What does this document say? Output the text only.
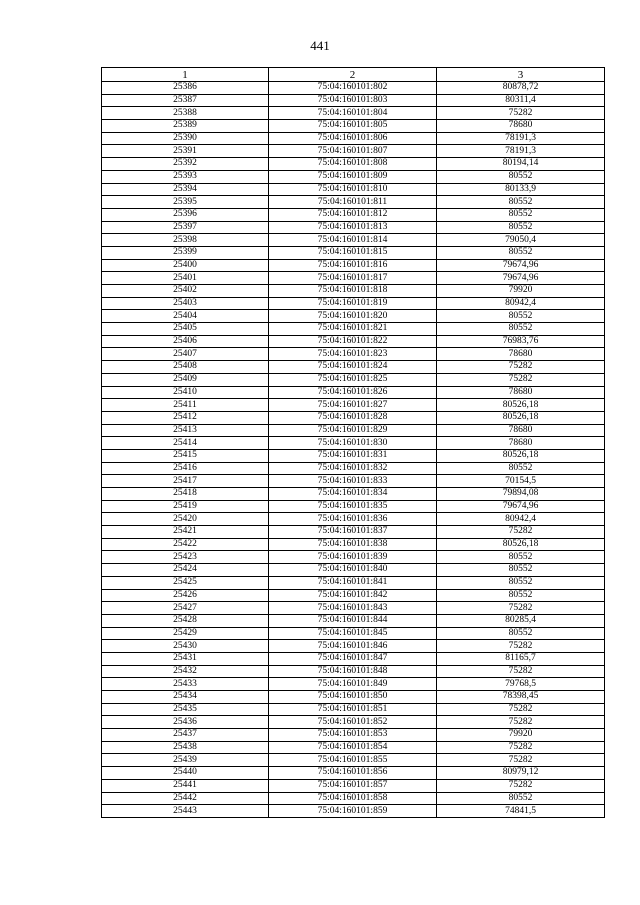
441
1	2	3
25386	75:04:160101:802	80878,72
25387	75:04:160101:803	80311,4
25388	75:04:160101:804	75282
25389	75:04:160101:805	78680
25390	75:04:160101:806	78191,3
25391	75:04:160101:807	78191,3
25392	75:04:160101:808	80194,14
25393	75:04:160101:809	80552
25394	75:04:160101:810	80133,9
25395	75:04:160101:811	80552
25396	75:04:160101:812	80552
25397	75:04:160101:813	80552
25398	75:04:160101:814	79050,4
25399	75:04:160101:815	80552
25400	75:04:160101:816	79674,96
25401	75:04:160101:817	79674,96
25402	75:04:160101:818	79920
25403	75:04:160101:819	80942,4
25404	75:04:160101:820	80552
25405	75:04:160101:821	80552
25406	75:04:160101:822	76983,76
25407	75:04:160101:823	78680
25408	75:04:160101:824	75282
25409	75:04:160101:825	75282
25410	75:04:160101:826	78680
25411	75:04:160101:827	80526,18
25412	75:04:160101:828	80526,18
25413	75:04:160101:829	78680
25414	75:04:160101:830	78680
25415	75:04:160101:831	80526,18
25416	75:04:160101:832	80552
25417	75:04:160101:833	70154,5
25418	75:04:160101:834	79894,08
25419	75:04:160101:835	79674,96
25420	75:04:160101:836	80942,4
25421	75:04:160101:837	75282
25422	75:04:160101:838	80526,18
25423	75:04:160101:839	80552
25424	75:04:160101:840	80552
25425	75:04:160101:841	80552
25426	75:04:160101:842	80552
25427	75:04:160101:843	75282
25428	75:04:160101:844	80285,4
25429	75:04:160101:845	80552
25430	75:04:160101:846	75282
25431	75:04:160101:847	81165,7
25432	75:04:160101:848	75282
25433	75:04:160101:849	79768,5
25434	75:04:160101:850	78398,45
25435	75:04:160101:851	75282
25436	75:04:160101:852	75282
25437	75:04:160101:853	79920
25438	75:04:160101:854	75282
25439	75:04:160101:855	75282
25440	75:04:160101:856	80979,12
25441	75:04:160101:857	75282
25442	75:04:160101:858	80552
25443	75:04:160101:859	74841,5
